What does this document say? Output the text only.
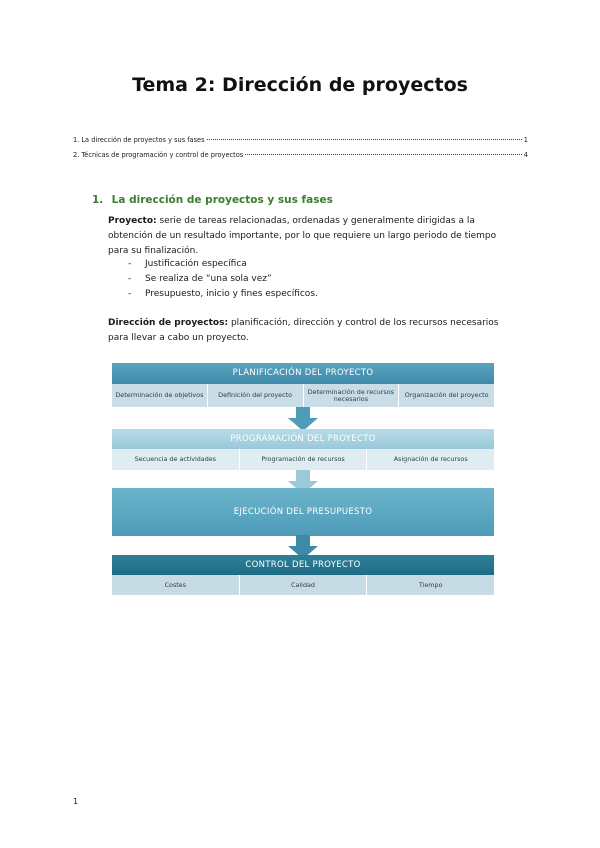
Tema 2: Dirección de proyectos
1. La dirección de proyectos y sus fases	1
2. Técnicas de programación y control de proyectos	4
1. La dirección de proyectos y sus fases
Proyecto: serie de tareas relacionadas, ordenadas y generalmente dirigidas a la obtención de un resultado importante, por lo que requiere un largo periodo de tiempo para su finalización.
- Justificación específica
- Se realiza de “una sola vez”
- Presupuesto, inicio y fines específicos.
Dirección de proyectos: planificación, dirección y control de los recursos necesarios para llevar a cabo un proyecto.
PLANIFICACIÓN DEL PROYECTO
Determinación de objetivos	Definición del proyecto	Determinación de recursos necesarios	Organización del proyecto
PROGRAMACIÓN DEL PROYECTO
Secuencia de actividades	Programación de recursos	Asignación de recursos
EJECUCIÓN DEL PRESUPUESTO
CONTROL DEL PROYECTO
Costes	Calidad	Tiempo
1
